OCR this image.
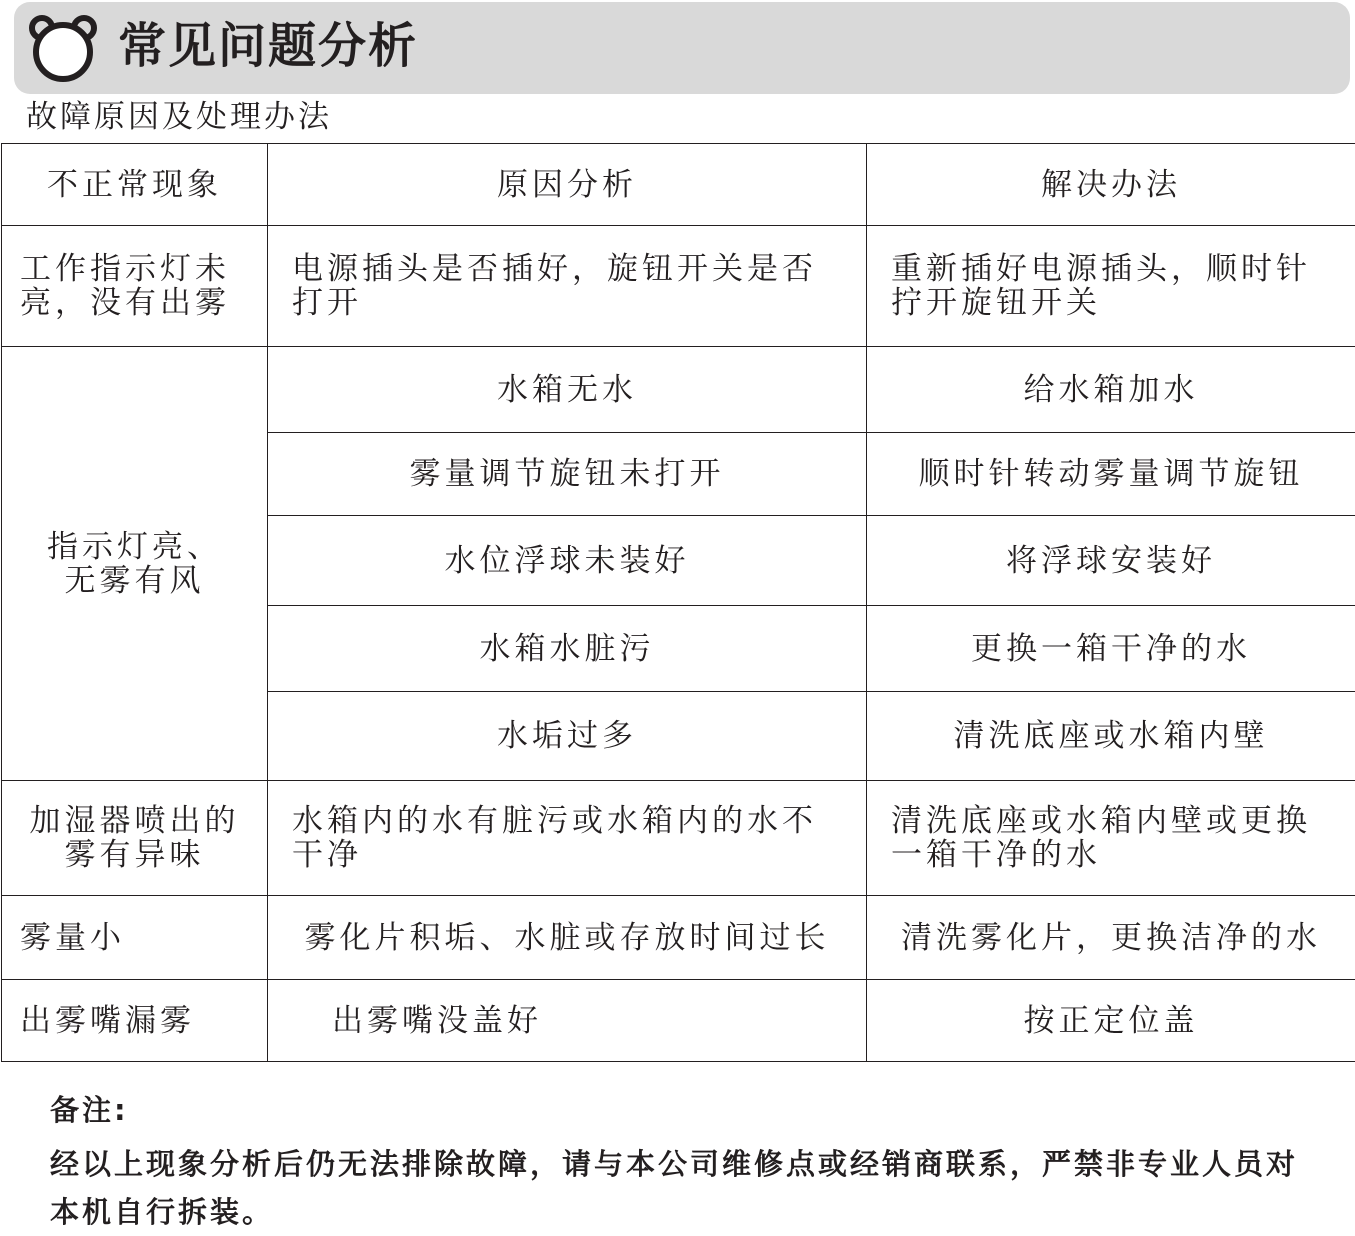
常见问题分析
故障原因及处理办法
不正常现象	原因分析	解决办法
工作指示灯未亮，没有出雾	电源插头是否插好，旋钮开关是否打开	重新插好电源插头，顺时针拧开旋钮开关
指示灯亮、无雾有风	水箱无水	给水箱加水
	雾量调节旋钮未打开	顺时针转动雾量调节旋钮
	水位浮球未装好	将浮球安装好
	水箱水脏污	更换一箱干净的水
	水垢过多	清洗底座或水箱内壁
加湿器喷出的雾有异味	水箱内的水有脏污或水箱内的水不干净	清洗底座或水箱内壁或更换一箱干净的水
雾量小	雾化片积垢、水脏或存放时间过长	清洗雾化片，更换洁净的水
出雾嘴漏雾	出雾嘴没盖好	按正定位盖
备注:
经以上现象分析后仍无法排除故障，请与本公司维修点或经销商联系，严禁非专业人员对本机自行拆装。
